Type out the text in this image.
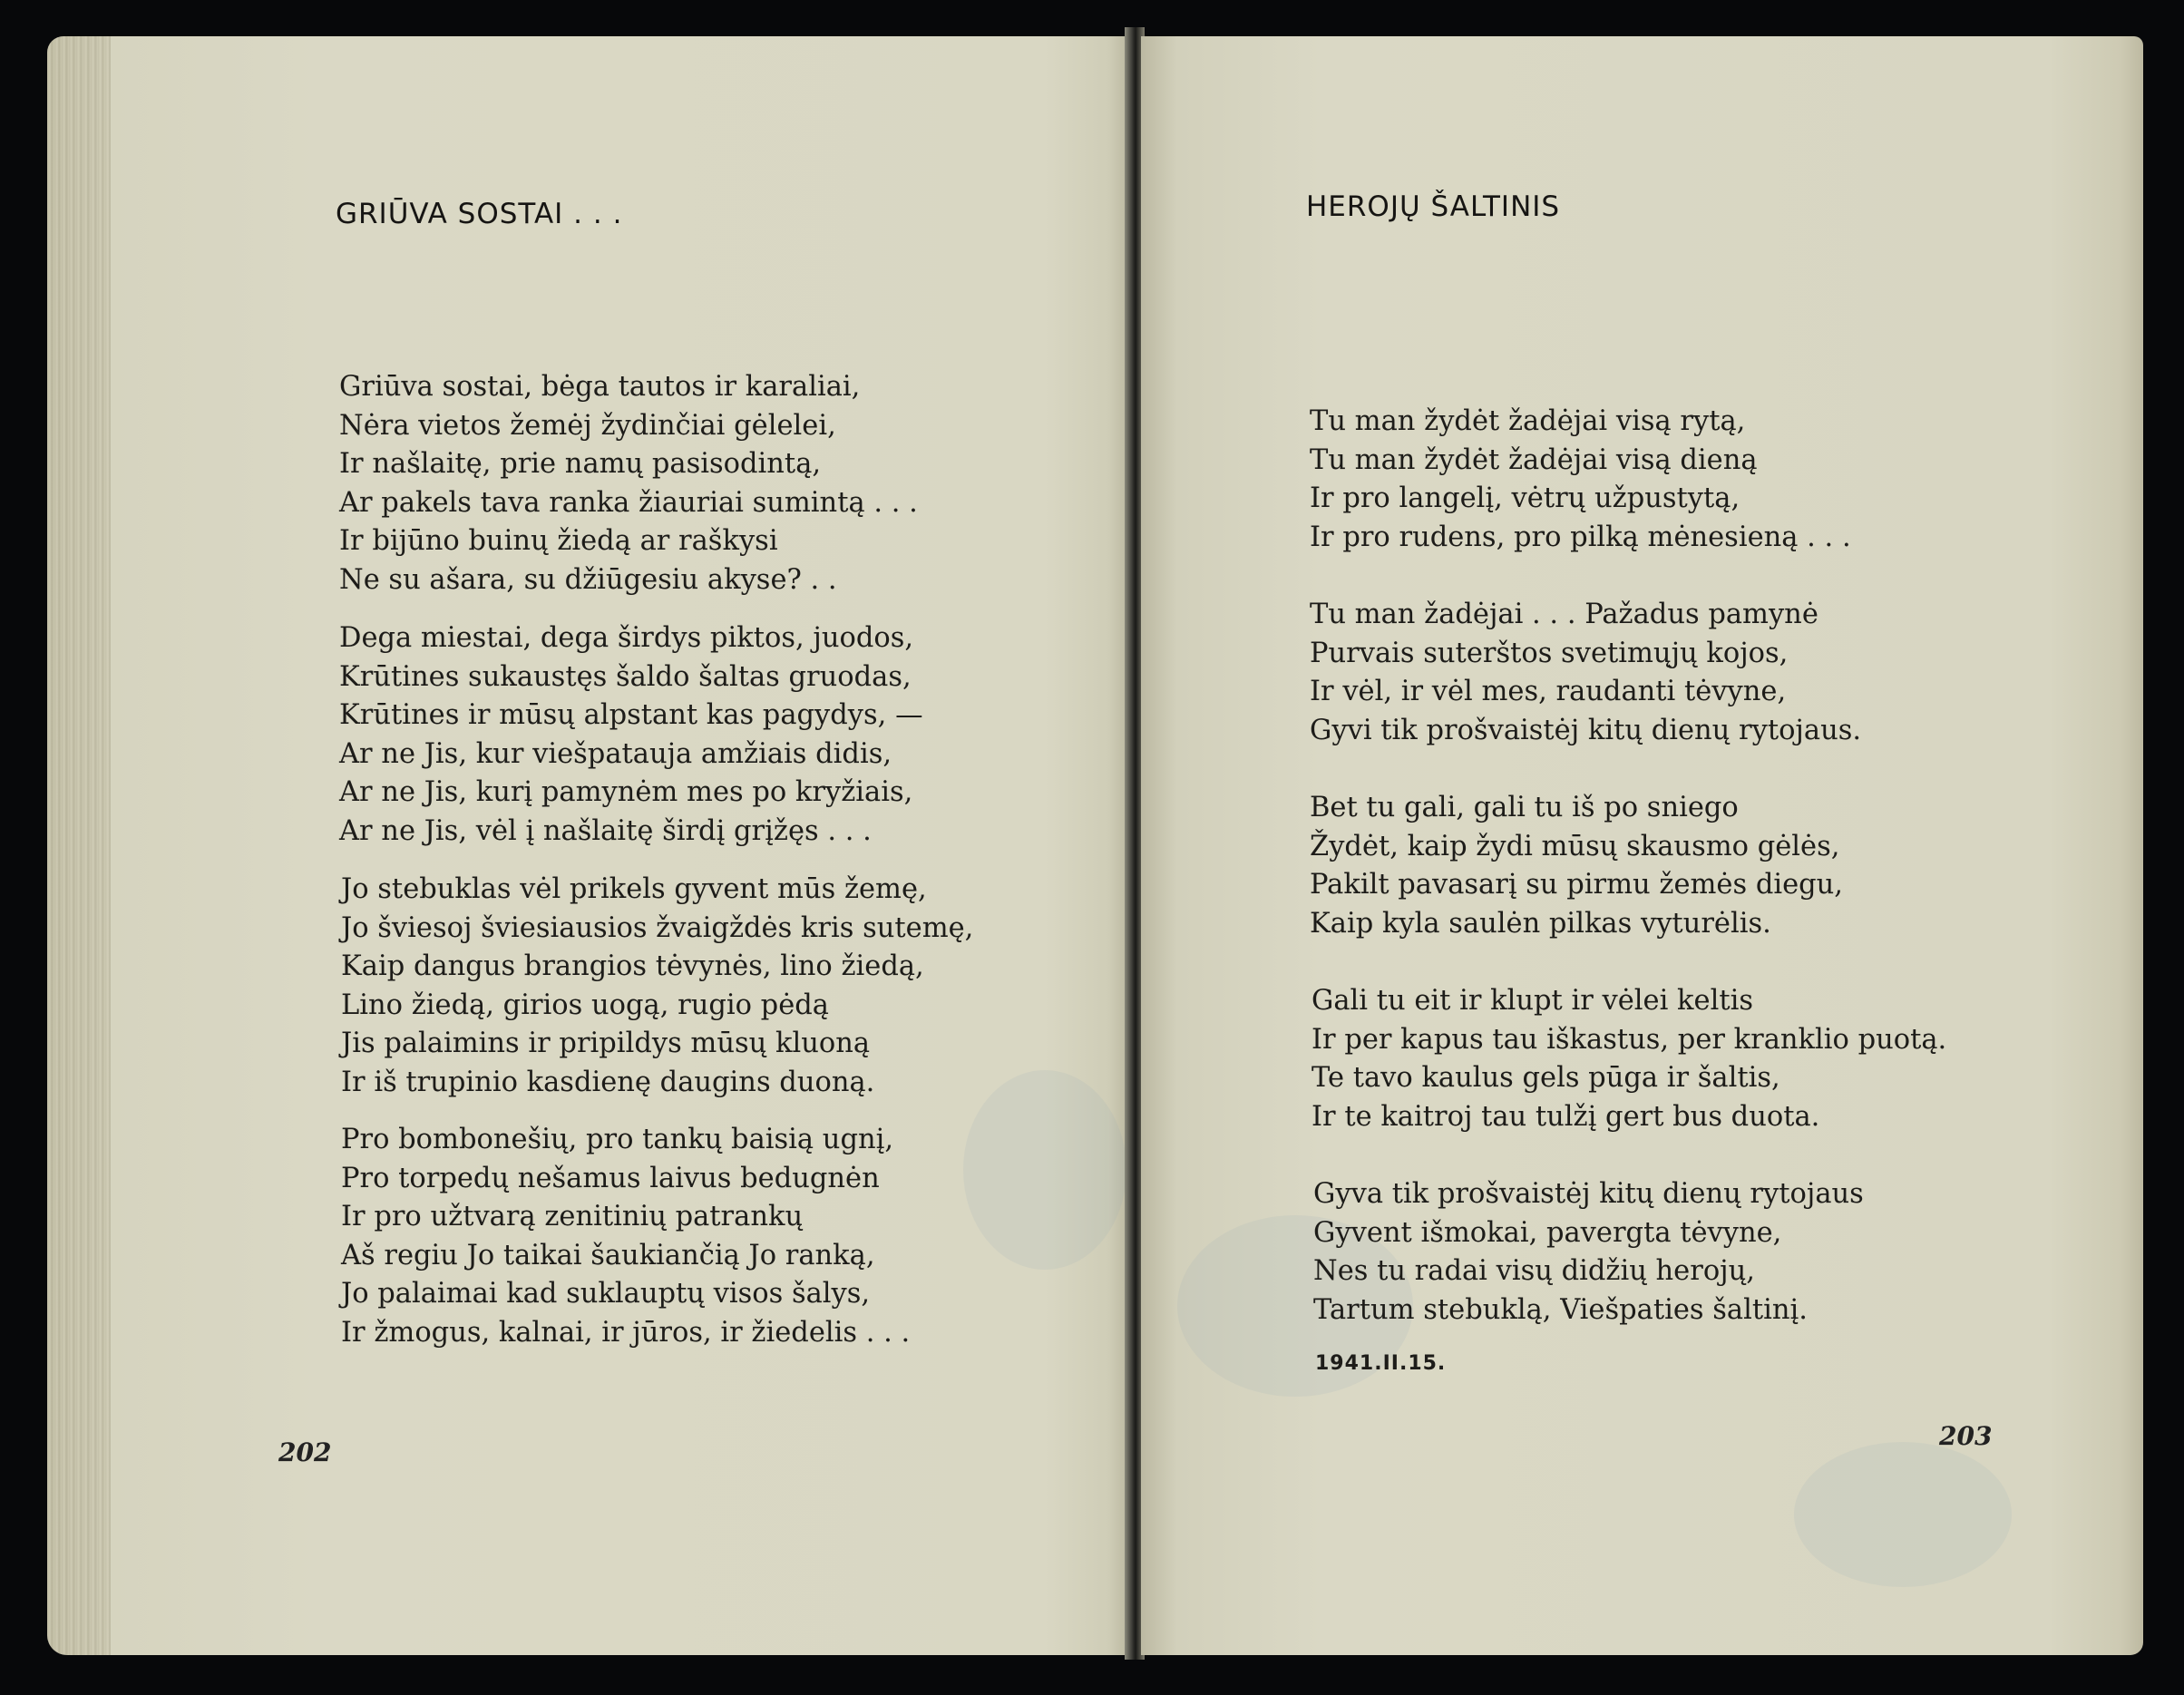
GRIŪVA SOSTAI . . .
Griūva sostai, bėga tautos ir karaliai,
Nėra vietos žemėj žydinčiai gėlelei,
Ir našlaitę, prie namų pasisodintą,
Ar pakels tava ranka žiauriai sumintą . . .
Ir bijūno buinų žiedą ar raškysi
Ne su ašara, su džiūgesiu akyse? . .
Dega miestai, dega širdys piktos, juodos,
Krūtines sukaustęs šaldo šaltas gruodas,
Krūtines ir mūsų alpstant kas pagydys, —
Ar ne Jis, kur viešpatauja amžiais didis,
Ar ne Jis, kurį pamynėm mes po kryžiais,
Ar ne Jis, vėl į našlaitę širdį grįžęs . . .
Jo stebuklas vėl prikels gyvent mūs žemę,
Jo šviesoj šviesiausios žvaigždės kris sutemę,
Kaip dangus brangios tėvynės, lino žiedą,
Lino žiedą, girios uogą, rugio pėdą
Jis palaimins ir pripildys mūsų kluoną
Ir iš trupinio kasdienę daugins duoną.
Pro bombonešių, pro tankų baisią ugnį,
Pro torpedų nešamus laivus bedugnėn
Ir pro užtvarą zenitinių patrankų
Aš regiu Jo taikai šaukiančią Jo ranką,
Jo palaimai kad suklauptų visos šalys,
Ir žmogus, kalnai, ir jūros, ir žiedelis . . .
202
HEROJŲ ŠALTINIS
Tu man žydėt žadėjai visą rytą,
Tu man žydėt žadėjai visą dieną
Ir pro langelį, vėtrų užpustytą,
Ir pro rudens, pro pilką mėnesieną . . .
Tu man žadėjai . . . Pažadus pamynė
Purvais suterštos svetimųjų kojos,
Ir vėl, ir vėl mes, raudanti tėvyne,
Gyvi tik prošvaistėj kitų dienų rytojaus.
Bet tu gali, gali tu iš po sniego
Žydėt, kaip žydi mūsų skausmo gėlės,
Pakilt pavasarį su pirmu žemės diegu,
Kaip kyla saulėn pilkas vyturėlis.
Gali tu eit ir klupt ir vėlei keltis
Ir per kapus tau iškastus, per kranklio puotą.
Te tavo kaulus gels pūga ir šaltis,
Ir te kaitroj tau tulžį gert bus duota.
Gyva tik prošvaistėj kitų dienų rytojaus
Gyvent išmokai, pavergta tėvyne,
Nes tu radai visų didžių herojų,
Tartum stebuklą, Viešpaties šaltinį.
1941.II.15.
203
